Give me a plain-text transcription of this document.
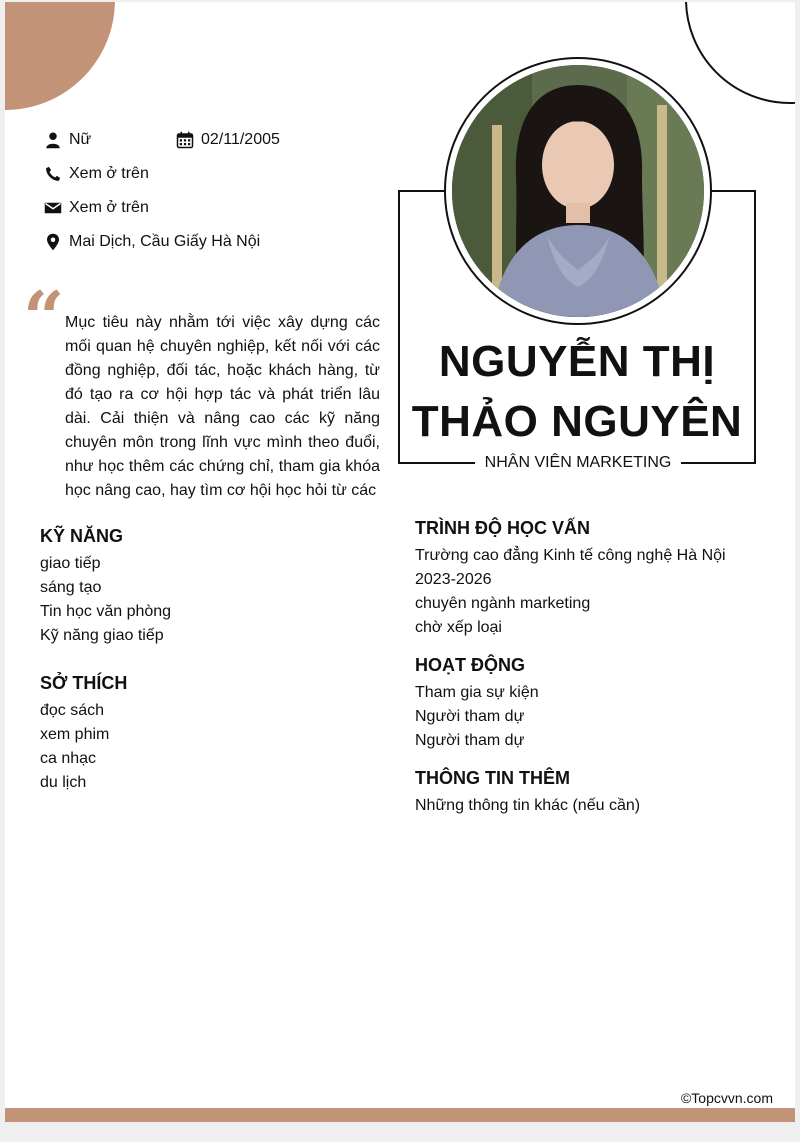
Nữ	02/11/2005
Xem ở trên
Xem ở trên
Mai Dịch, Cầu Giấy Hà Nội
“ Mục tiêu này nhằm tới việc xây dựng các mối quan hệ chuyên nghiệp, kết nối với các đồng nghiệp, đối tác, hoặc khách hàng, từ đó tạo ra cơ hội hợp tác và phát triển lâu dài. Cải thiện và nâng cao các kỹ năng chuyên môn trong lĩnh vực mình theo đuổi, như học thêm các chứng chỉ, tham gia khóa học nâng cao, hay tìm cơ hội học hỏi từ các
NGUYỄN THỊ
THẢO NGUYÊN
NHÂN VIÊN MARKETING
KỸ NĂNG
giao tiếp
sáng tạo
Tin học văn phòng
Kỹ năng giao tiếp
SỞ THÍCH
đọc sách
xem phim
ca nhạc
du lịch
TRÌNH ĐỘ HỌC VẤN
Trường cao đẳng Kinh tế công nghệ Hà Nội
2023-2026
chuyên ngành marketing
chờ xếp loại
HOẠT ĐỘNG
Tham gia sự kiện
Người tham dự
Người tham dự
THÔNG TIN THÊM
Những thông tin khác (nếu cần)
©Topcvvn.com
